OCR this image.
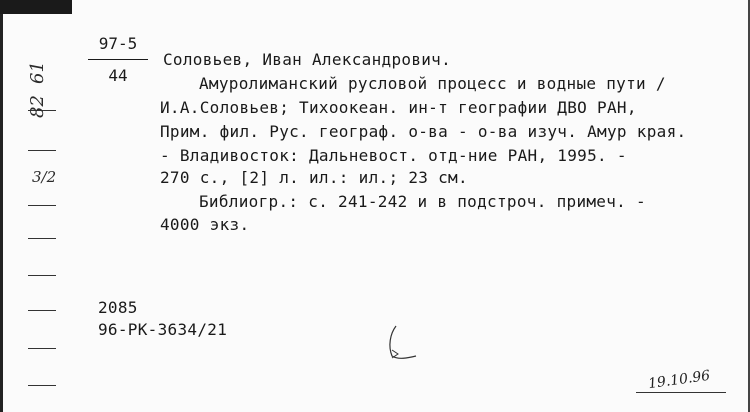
61
82
3/2
97-5
44
Соловьев, Иван Александрович.
Амуролиманский русловой процесс и водные пути /
И.А.Соловьев; Тихоокеан. ин-т географии ДВО РАН,
Прим. фил. Рус. географ. о-ва - о-ва изуч. Амур края.
- Владивосток: Дальневост. отд-ние РАН, 1995. -
270 с., [2] л. ил.: ил.; 23 см.
Библиогр.: с. 241-242 и в подстроч. примеч. -
4000 экз.
2085
96-РК-3634/21
19.10.96
